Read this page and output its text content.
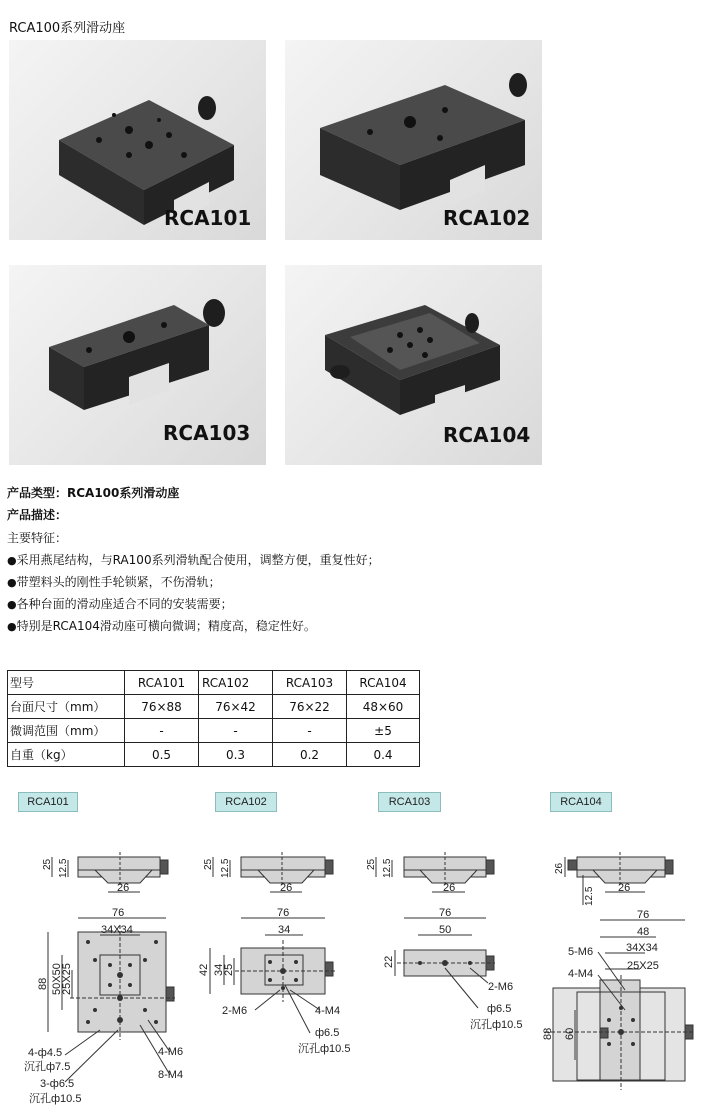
RCA100系列滑动座
RCA101	RCA102
RCA103	RCA104
产品类型：RCA100系列滑动座
产品描述：
主要特征：
●采用燕尾结构，与RA100系列滑轨配合使用，调整方便，重复性好；
●带塑料头的刚性手轮锁紧，不伤滑轨；
●各种台面的滑动座适合不同的安装需要；
●特别是RCA104滑动座可横向微调；精度高，稳定性好。
型号	RCA101	RCA102	RCA103	RCA104
台面尺寸（mm）	76×88	76×42	76×22	48×60
微调范围（mm）	-	-	-	±5
自重（kg）	0.5	0.3	0.2	0.4
RCA101	RCA102	RCA103	RCA104
25 12.5
26
76
34X34
88 50X50
25X25
4-ф4.5
沉孔ф7.5
3-ф6.5
沉孔ф10.5
4-M6
8-M4
25 12.5
26
76
34
42 34
25
2-M6	4-M4
ф6.5
沉孔ф10.5
25 12.5
26
76
50
22
2-M6
ф6.5
沉孔ф10.5
26
12.5 26
76
48
34X34
25X25
88 60
5-M6
4-M4
